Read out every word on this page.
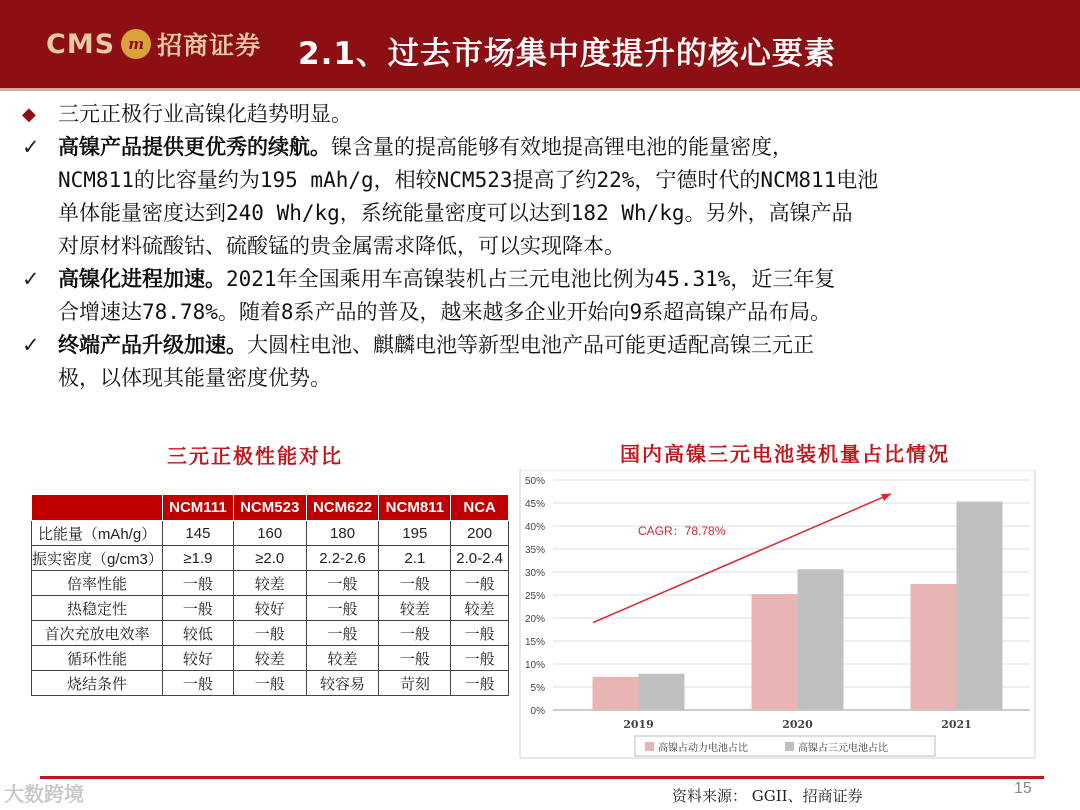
CMS m 招商证券 2.1、过去市场集中度提升的核心要素
◆	三元正极行业高镍化趋势明显。
✓ 高镍产品提供更优秀的续航。镍含量的提高能够有效地提高锂电池的能量密度，
NCM811的比容量约为195 mAh/g，相较NCM523提高了约22%，宁德时代的NCM811电池
单体能量密度达到240 Wh/kg，系统能量密度可以达到182 Wh/kg。另外，高镍产品
对原材料硫酸钴、硫酸锰的贵金属需求降低，可以实现降本。
✓ 高镍化进程加速。2021年全国乘用车高镍装机占三元电池比例为45.31%，近三年复
合增速达78.78%。随着8系产品的普及，越来越多企业开始向9系超高镍产品布局。
✓ 终端产品升级加速。大圆柱电池、麒麟电池等新型电池产品可能更适配高镍三元正
极，以体现其能量密度优势。
三元正极性能对比
	NCM111	NCM523	NCM622	NCM811	NCA
比能量（mAh/g）	145	160	180	195	200
振实密度（g/cm3）	≥1.9	≥2.0	2.2-2.6	2.1	2.0-2.4
倍率性能	一般	较差	一般	一般	一般
热稳定性	一般	较好	一般	较差	较差
首次充放电效率	较低	一般	一般	一般	一般
循环性能	较好	较差	较差	一般	一般
烧结条件	一般	一般	较容易	苛刻	一般
国内高镍三元电池装机量占比情况
0%
5%
10%
15%
20%
25%
30%
35%
40%
45%
50%
2019	2020	2021
CAGR：78.78%
高镍占动力电池占比	高镍占三元电池占比
大数跨境	资料来源： GGII、招商证券	15
